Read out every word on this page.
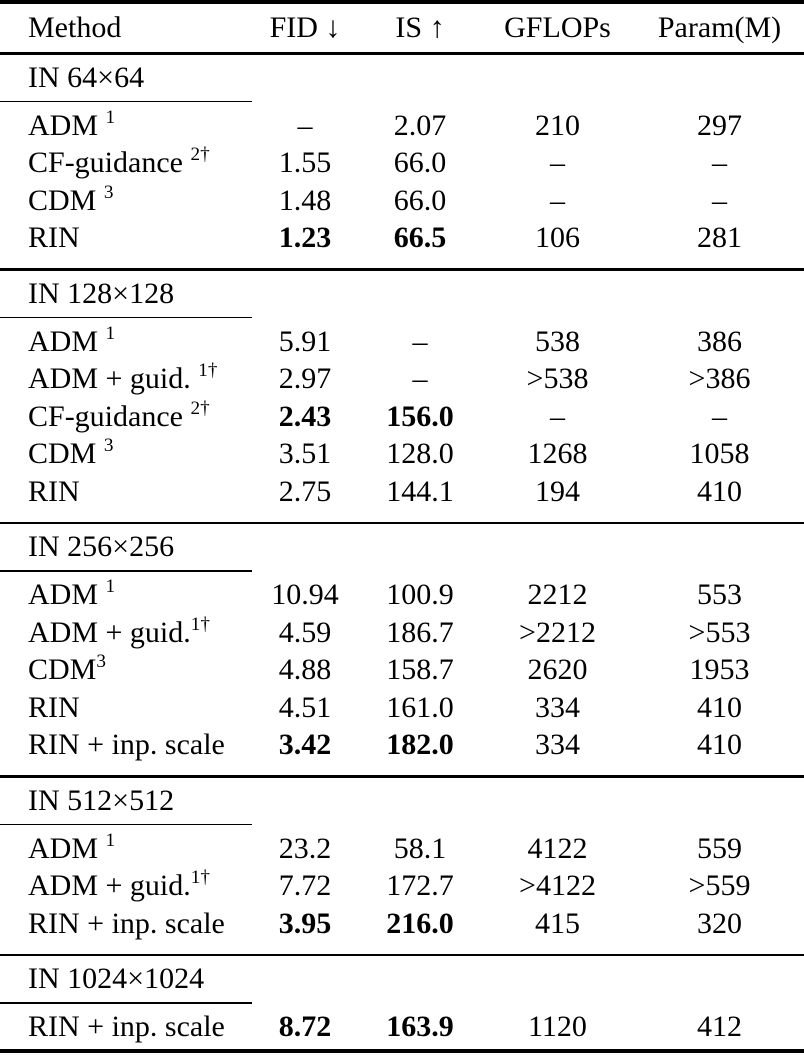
Method	FID ↓	IS ↑	GFLOPs	Param(M)
IN 64×64
ADM $^1$	–	2.07	210	297
CF-guidance $^{2\dagger}$	1.55	66.0	–	–
CDM $^3$	1.48	66.0	–	–
RIN	1.23	66.5	106	281
IN 128×128
ADM $^1$	5.91	–	538	386
ADM + guid. $^{1\dagger}$	2.97	–	>538	>386
CF-guidance $^{2\dagger}$	2.43	156.0	–	–
CDM $^3$	3.51	128.0	1268	1058
RIN	2.75	144.1	194	410
IN 256×256
ADM $^1$	10.94	100.9	2212	553
ADM + guid.$^{1\dagger}$	4.59	186.7	>2212	>553
CDM$^3$	4.88	158.7	2620	1953
RIN	4.51	161.0	334	410
RIN + inp. scale	3.42	182.0	334	410
IN 512×512
ADM $^1$	23.2	58.1	4122	559
ADM + guid.$^{1\dagger}$	7.72	172.7	>4122	>559
RIN + inp. scale	3.95	216.0	415	320
IN 1024×1024
RIN + inp. scale	8.72	163.9	1120	412
